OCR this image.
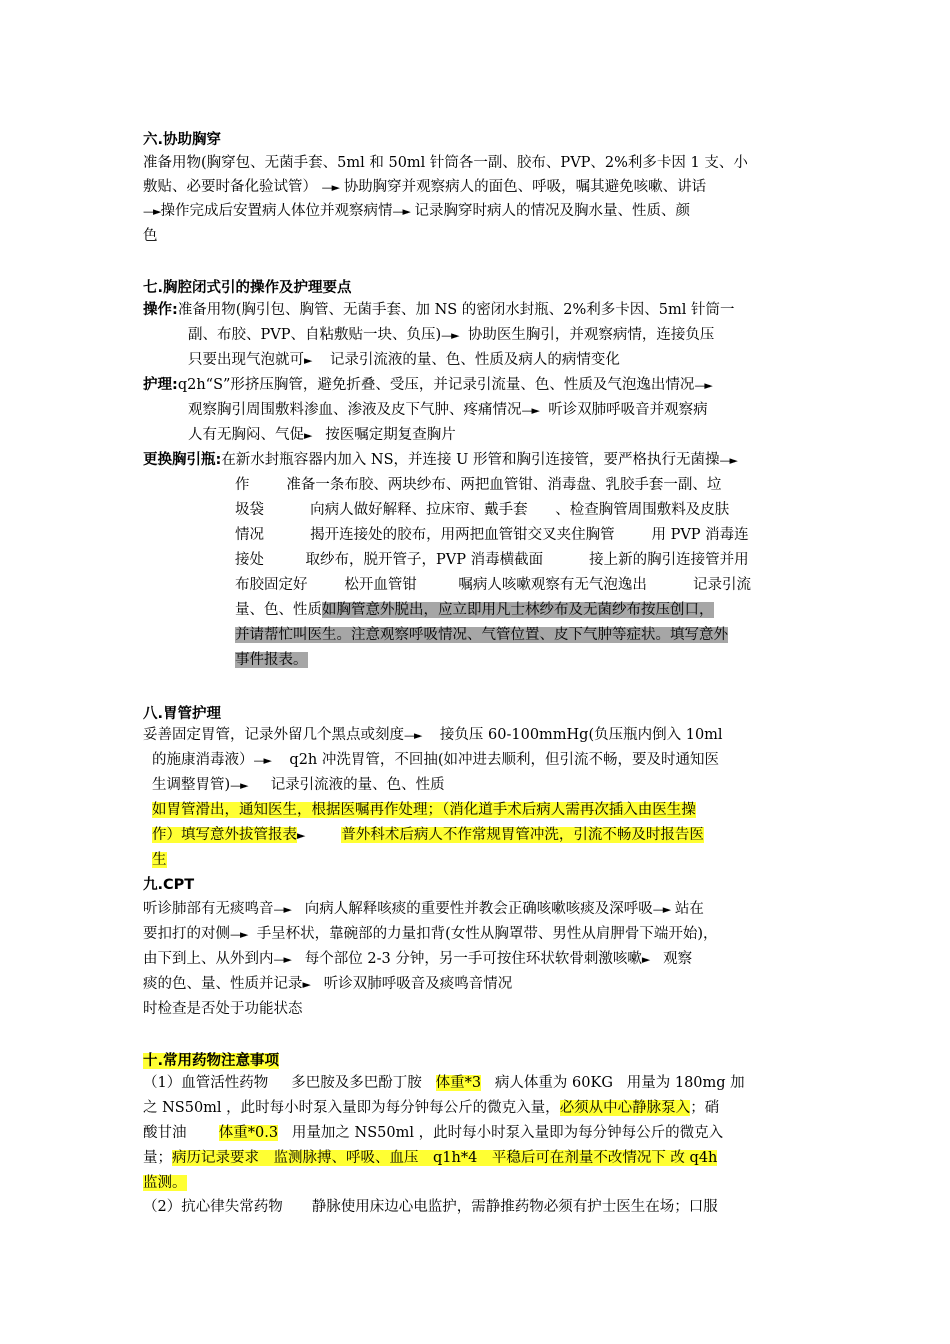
六.协助胸穿
准备用物(胸穿包、无菌手套、5ml 和 50ml 针筒各一副、胶布、PVP、2%利多卡因 1 支、小
敷贴、必要时备化验试管） —► 协助胸穿并观察病人的面色、呼吸，嘱其避免咳嗽、讲话
—►操作完成后安置病人体位并观察病情—► 记录胸穿时病人的情况及胸水量、性质、颜
色
七.胸腔闭式引的操作及护理要点
操作:准备用物(胸引包、胸管、无菌手套、加 NS 的密闭水封瓶、2%利多卡因、5ml 针筒一
副、布胶、PVP、自粘敷贴一块、负压)—► 协助医生胸引，并观察病情，连接负压
只要出现气泡就可► 记录引流液的量、色、性质及病人的病情变化
护理:q2h“S”形挤压胸管，避免折叠、受压，并记录引流量、色、性质及气泡逸出情况—►
观察胸引周围敷料渗血、渗液及皮下气肿、疼痛情况—► 听诊双肺呼吸音并观察病
人有无胸闷、气促► 按医嘱定期复查胸片
更换胸引瓶:在新水封瓶容器内加入 NS，并连接 U 形管和胸引连接管，要严格执行无菌操—►
作	准备一条布胶、两块纱布、两把血管钳、消毒盘、乳胶手套一副、垃
圾袋	向病人做好解释、拉床帘、戴手套 、检查胸管周围敷料及皮肤
情况	揭开连接处的胶布，用两把血管钳交叉夹住胸管	用 PVP 消毒连
接处	取纱布，脱开管子，PVP 消毒横截面	接上新的胸引连接管并用
布胶固定好	松开血管钳	嘱病人咳嗽观察有无气泡逸出	记录引流
量、色、性质如胸管意外脱出，应立即用凡士林纱布及无菌纱布按压创口，
并请帮忙叫医生。注意观察呼吸情况、气管位置、皮下气肿等症状。填写意外
事件报表。
八.胃管护理
妥善固定胃管，记录外留几个黑点或刻度—► 接负压 60-100mmHg(负压瓶内倒入 10ml
的施康消毒液）—► q2h 冲洗胃管，不回抽(如冲进去顺利，但引流不畅，要及时通知医
生调整胃管)—► 记录引流液的量、色、性质
如胃管滑出，通知医生，根据医嘱再作处理；（消化道手术后病人需再次插入由医生操
作）填写意外拔管报表►	普外科术后病人不作常规胃管冲洗，引流不畅及时报告医
生
九.CPT
听诊肺部有无痰鸣音—► 向病人解释咳痰的重要性并教会正确咳嗽咳痰及深呼吸—► 站在
要扣打的对侧—► 手呈杯状，靠碗部的力量扣背(女性从胸罩带、男性从肩胛骨下端开始)，
由下到上、从外到内—► 每个部位 2-3 分钟，另一手可按住环状软骨刺激咳嗽► 观察
痰的色、量、性质并记录► 听诊双肺呼吸音及痰鸣音情况
时检查是否处于功能状态
十.常用药物注意事项
（1）血管活性药物 多巴胺及多巴酚丁胺 体重*3 病人体重为 60KG 用量为 180mg 加
之 NS50ml ，此时每小时泵入量即为每分钟每公斤的微克入量，必须从中心静脉泵入；硝
酸甘油 体重*0.3 用量加之 NS50ml ，此时每小时泵入量即为每分钟每公斤的微克入
量；病历记录要求　监测脉搏、呼吸、血压　q1h*4　平稳后可在剂量不改情况下 改 q4h
监测。
（2）抗心律失常药物　　静脉使用床边心电监护，需静推药物必须有护士医生在场；口服
